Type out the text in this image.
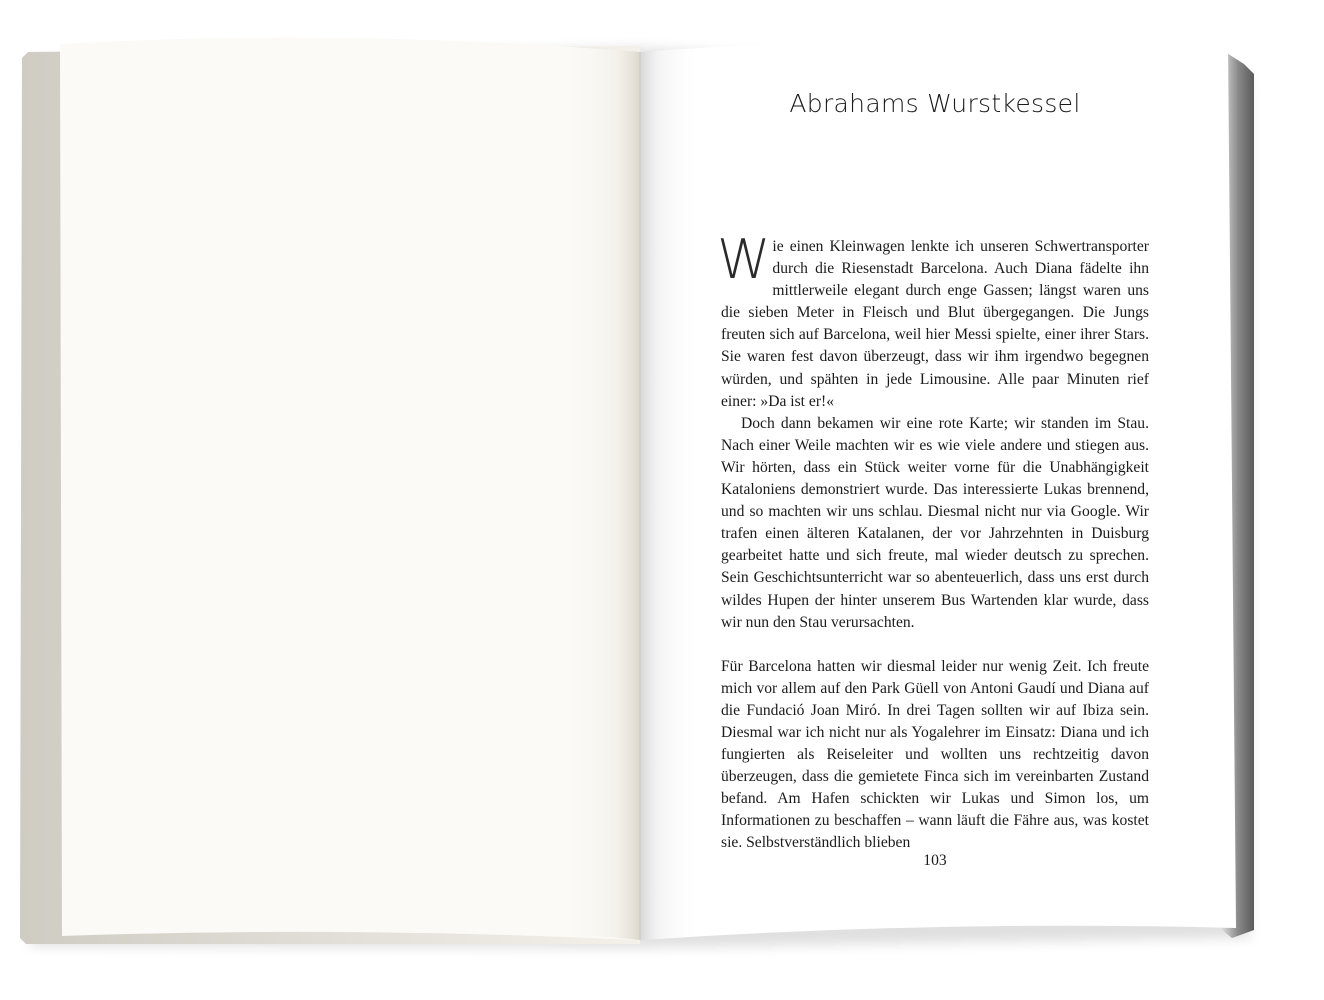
Abrahams Wurstkessel

Wie einen Kleinwagen lenkte ich unseren Schwertransporter durch die Riesenstadt Barcelona. Auch Diana fädelte ihn mittlerweile elegant durch enge Gassen; längst waren uns die sieben Meter in Fleisch und Blut übergegangen. Die Jungs freuten sich auf Barcelona, weil hier Messi spielte, einer ihrer Stars. Sie waren fest davon überzeugt, dass wir ihm irgendwo begegnen würden, und spähten in jede Limousine. Alle paar Minuten rief einer: »Da ist er!«

Doch dann bekamen wir eine rote Karte; wir standen im Stau. Nach einer Weile machten wir es wie viele andere und stiegen aus. Wir hörten, dass ein Stück weiter vorne für die Unabhängigkeit Kataloniens demonstriert wurde. Das interessierte Lukas brennend, und so machten wir uns schlau. Diesmal nicht nur via Google. Wir trafen einen älteren Katalanen, der vor Jahrzehnten in Duisburg gearbeitet hatte und sich freute, mal wieder deutsch zu sprechen. Sein Geschichtsunterricht war so abenteuerlich, dass uns erst durch wildes Hupen der hinter unserem Bus Wartenden klar wurde, dass wir nun den Stau verursachten.

Für Barcelona hatten wir diesmal leider nur wenig Zeit. Ich freute mich vor allem auf den Park Güell von Antoni Gaudí und Diana auf die Fundació Joan Miró. In drei Tagen sollten wir auf Ibiza sein. Diesmal war ich nicht nur als Yogalehrer im Einsatz: Diana und ich fungierten als Reiseleiter und wollten uns rechtzeitig davon überzeugen, dass die gemietete Finca sich im vereinbarten Zustand befand. Am Hafen schickten wir Lukas und Simon los, um Informationen zu beschaffen – wann läuft die Fähre aus, was kostet sie. Selbstverständlich blieben

103
